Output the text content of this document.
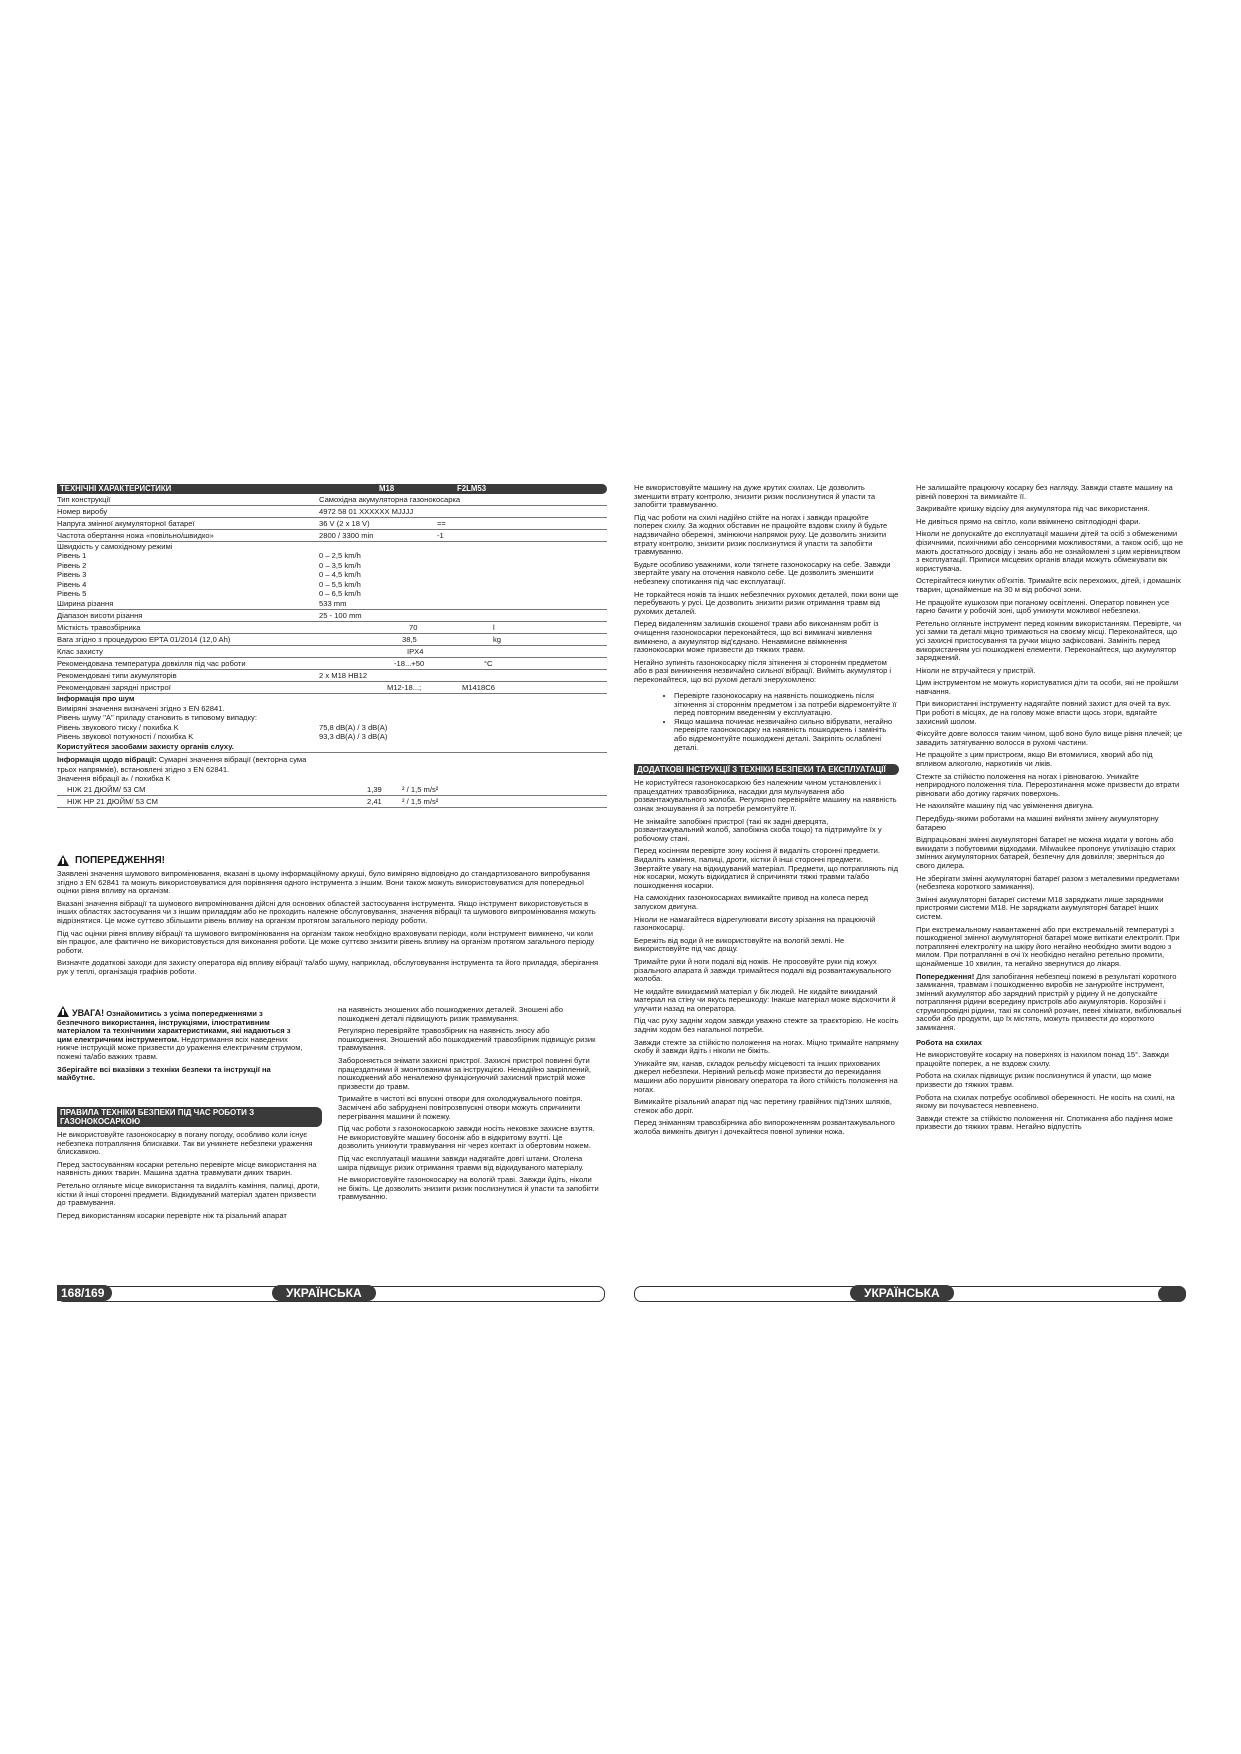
ТЕХНІЧНІ ХАРАКТЕРИСТИКИ	M18	F2LM53
Тип конструкції	Самохідна акумуляторна газонокосарка
Номер виробу	4972 58 01 XXXXXX MJJJJ
Напруга змінної акумуляторної батареї	36 V (2 x 18 V)	==
Частота обертання ножа «повільно/швидко»	2800 / 3300 min	-1
Швидкість у самохідному режимі
Рівень 1	0 – 2,5 km/h
Рівень 2	0 – 3,5 km/h
Рівень 3	0 – 4,5 km/h
Рівень 4	0 – 5,5 km/h
Рівень 5	0 – 6,5 km/h
Ширина різання	533 mm
Діапазон висоти різання	25 - 100 mm
Місткість травозбірника	70	l
Вага згідно з процедурою EPTA 01/2014 (12,0 Ah)	38,5	kg
Клас захисту	IPX4
Рекомендована температура довкілля під час роботи	-18...+50	°C
Рекомендовані типи акумуляторів	2 x M18 HB12
Рекомендовані зарядні пристрої	M12-18...;	M1418C6
Інформація про шум
Виміряні значення визначені згідно з EN 62841.
Рівень шуму "А" приладу становить в типовому випадку:
Рівень звукового тиску / похибка K	75,8 dB(A) / 3 dB(A)
Рівень звукової потужності / похибка K	93,3 dB(A) / 3 dB(A)
Користуйтеся засобами захисту органів слуху.
Інформація щодо вібрації: Сумарні значення вібрації (векторна сума трьох напрямків), встановлені згідно з EN 62841.
Значення вібрації aₕ / похибка K
НІЖ 21 ДЮЙМ/ 53 CM	1,39	² / 1,5 m/s²
НІЖ HP 21 ДЮЙМ/ 53 CM	2,41	² / 1,5 m/s²
ПОПЕРЕДЖЕННЯ!

Заявлені значення шумового випромінювання, вказані в цьому інформаційному аркуші, було виміряно відповідно до стандартизованого випробування згідно з EN 62841 та можуть використовуватися для порівняння одного інструмента з іншим. Вони також можуть використовуватися для попередньої оцінки рівня впливу на організм.

Вказані значення вібрації та шумового випромінювання дійсні для основних областей застосування інструмента. Якщо інструмент використовується в інших областях застосування чи з іншим приладдям або не проходить належне обслуговування, значення вібрації та шумового випромінювання можуть відрізнятися. Це може суттєво збільшити рівень впливу на організм протягом загального періоду роботи.

Під час оцінки рівня впливу вібрації та шумового випромінювання на організм також необхідно враховувати періоди, коли інструмент вимкнено, чи коли він працює, але фактично не використовується для виконання роботи. Це може суттєво знизити рівень впливу на організм протягом загального періоду роботи.

Визначте додаткові заходи для захисту оператора від впливу вібрації та/або шуму, наприклад, обслуговування інструмента та його приладдя, зберігання рук у теплі, організація графіків роботи.

УВАГА! Ознайомитись з усіма попередженнями з безпечного використання, інструкціями, ілюстративним матеріалом та технічними характеристиками, які надаються з цим електричним інструментом. Недотримання всіх наведених нижче інструкцій може призвести до ураження електричним струмом, пожежі та/або важких травм.

Зберігайте всі вказівки з техніки безпеки та інструкції на майбутнє.

ПРАВИЛА ТЕХНІКИ БЕЗПЕКИ ПІД ЧАС РОБОТИ З ГАЗОНОКОСАРКОЮ

Не використовуйте газонокосарку в погану погоду, особливо коли існує небезпека потрапляння блискавки. Так ви уникнете небезпеки ураження блискавкою.

Перед застосуванням косарки ретельно перевірте місце використання на наявність диких тварин. Машина здатна травмувати диких тварин.

Ретельно огляньте місце використання та видаліть каміння, палиці, дроти, кістки й інші сторонні предмети. Відкидуваний матеріал здатен призвести до травмування.

Перед використанням косарки перевірте ніж та різальний апарат

на наявність зношених або пошкоджених деталей. Зношені або пошкоджені деталі підвищують ризик травмування.

Регулярно перевіряйте травозбірник на наявність зносу або пошкодження. Зношений або пошкоджений травозбірник підвищує ризик травмування.

Забороняється знімати захисні пристрої. Захисні пристрої повинні бути працездатними й змонтованими за інструкцією. Ненадійно закріплений, пошкоджений або неналежно функціонуючий захисний пристрій може призвести до травм.

Тримайте в чистоті всі впускні отвори для охолоджувального повітря. Засмічені або забруднені повітрозвпускні отвори можуть спричинити перегрівання машини й пожежу.

Під час роботи з газонокосаркою завжди носіть нековзке захисне взуття. Не використовуйте машину босоніж або в відкритому взутті. Це дозволить уникнути травмування ніг через контакт із обертовим ножем.

Під час експлуатації машини завжди надягайте довгі штани. Оголена шкіра підвищує ризик отримання травми від відкидуваного матеріалу.

Не використовуйте газонокосарку на вологій траві. Завжди йдіть, ніколи не біжіть. Це дозволить знизити ризик послизнутися й упасти та запобігти травмуванню.

Не використовуйте машину на дуже крутих схилах. Це дозволить зменшити втрату контролю, знизити ризик послизнутися й упасти та запобігти травмуванню.

Під час роботи на схилі надійно стійте на ногах і завжди працюйте поперек схилу. За жодних обставин не працюйте вздовж схилу й будьте надзвичайно обережні, змінюючи напрямок руху. Це дозволить знизити втрату контролю, знизити ризик послизнутися й упасти та запобігти травмуванню.

Будьте особливо уважними, коли тягнете газонокосарку на себе. Завжди звертайте увагу на оточення навколо себе. Це дозволить зменшити небезпеку спотикання під час експлуатації.

Не торкайтеся ножів та інших небезпечних рухомих деталей, поки вони ще перебувають у русі. Це дозволить знизити ризик отримання травм від рухомих деталей.

Перед видаленням залишків скошеної трави або виконанням робіт із очищення газонокосарки переконайтеся, що всі вимикачі живлення вимкнено, а акумулятор від'єднано. Ненавмисне ввімкнення газонокосарки може призвести до тяжких травм.

Негайно зупиніть газонокосарку після зіткнення зі стороннім предметом або в разі виникнення незвичайно сильної вібрації. Вийміть акумулятор і переконайтеся, що всі рухомі деталі знерухомлено:

• Перевірте газонокосарку на наявність пошкоджень після зіткнення зі стороннім предметом і за потреби відремонтуйте її перед повторним введенням у експлуатацію.
• Якщо машина починає незвичайно сильно вібрувати, негайно перевірте газонокосарку на наявність пошкоджень і замініть або відремонтуйте пошкоджені деталі. Закріпіть ослаблені деталі.
ДОДАТКОВІ ІНСТРУКЦІЇ З ТЕХНІКИ БЕЗПЕКИ ТА ЕКСПЛУАТАЦІЇ

Не користуйтеся газонокосаркою без належним чином установлених і працездатних травозбірника, насадки для мульчування або розвантажувального жолоба. Регулярно перевіряйте машину на наявність ознак зношування й за потреби ремонтуйте її.

Не знімайте запобіжні пристрої (такі як задні дверцята, розвантажувальний жолоб, запобіжна скоба тощо) та підтримуйте їх у робочому стані.

Перед косінням перевірте зону косіння й видаліть сторонні предмети. Видаліть каміння, палиці, дроти, кістки й інші сторонні предмети. Звертайте увагу на відкидуваний матеріал. Предмети, що потрапляють під ніж косарки, можуть відкидатися й спричиняти тяжкі травми та/або пошкодження косарки.

На самохідних газонокосарках вимикайте привод на колеса перед запуском двигуна.

Ніколи не намагайтеся відрегулювати висоту зрізання на працюючій газонокосарці.

Бережіть від води й не використовуйте на вологій землі. Не використовуйте під час дощу.

Тримайте руки й ноги подалі від ножів. Не просовуйте руки під кожух різального апарата й завжди тримайтеся подалі від розвантажувального жолоба.

Не кидайте викидаємий матеріал у бік людей. Не кидайте викиданий матеріал на стіну чи якусь перешкоду: Інакше матеріал може відскочити й улучити назад на оператора.

Під час руху заднім ходом завжди уважно стежте за траєкторією. Не косіть заднім ходом без нагальної потреби.

Завжди стежте за стійкістю положення на ногах. Міцно тримайте напрямну скобу й завжди йдіть і ніколи не біжіть.

Уникайте ям, канав, складок рельєфу місцевості та інших прихованих джерел небезпеки. Нерівний рельєф може призвести до перекидання машини або порушити рівновагу оператора та його стійкість положення на ногах.

Вимикайте різальний апарат під час перетину гравійних під'їзних шляхів, стежок або доріг.

Перед зніманням травозбірника або випорожненням розвантажувального жолоба вимкніть двигун і дочекайтеся повної зупинки ножа.

Не залишайте працюючу косарку без нагляду. Завжди ставте машину на рівній поверхні та вимикайте її.

Закривайте кришку відсіку для акумулятора під час використання.

Не дивіться прямо на світло, коли ввімкнено світлодіодні фари.

Ніколи не допускайте до експлуатації машини дітей та осіб з обмеженими фізичними, психічними або сенсорними можливостями, а також осіб, що не мають достатнього досвіду і знань або не ознайомлені з цим керівництвом з експлуатації. Приписи місцевих органів влади можуть обмежувати вік користувача.

Остерігайтеся кинутих об'єктів. Тримайте всіх перехожих, дітей, і домашніх тварин, щонайменше на 30 м від робочої зони.

Не працюйте кушкозом при поганому освітленні. Оператор повинен усе гарно бачити у робочій зоні, щоб уникнути можливої небезпеки.

Ретельно огляньте інструмент перед кожним використанням. Перевірте, чи усі замки та деталі міцно тримаються на своєму місці. Переконайтеся, що усі захисні пристосування та ручки міцно зафіксовані. Замініть перед використанням усі пошкоджені елементи. Переконайтеся, що акумулятор заряджений.

Ніколи не втручайтеся у пристрій.

Цим інструментом не можуть користуватися діти та особи, які не пройшли навчання.

При використанні інструменту надягайте повний захист для очей та вух. При роботі в місцях, де на голову може впасти щось згори, вдягайте захисний шолом.

Фіксуйте довге волосся таким чином, щоб воно було вище рівня плечей; це завадить затягуванню волосся в рухомі частини.

Не працюйте з цим пристроєм, якщо Ви втомилися, хворий або під впливом алкоголю, наркотиків чи ліків.

Стежте за стійкістю положення на ногах і рівновагою. Уникайте неприродного положення тіла. Перерозтинання може призвести до втрати рівноваги або дотику гарячих поверхонь.

Не нахиляйте машину під час увімкнення двигуна.

Передбудь-якими роботами на машині вийняти змінну акумуляторну батарею

Відпрацьовані змінні акумуляторні батареї не можна кидати у вогонь або викидати з побутовими відходами. Milwaukee пропонує утилізацію старих змінних акумуляторних батарей, безпечну для довкілля; зверніться до свого дилера.

Не зберігати змінні акумуляторні батареї разом з металевими предметами (небезпека короткого замикання).

Змінні акумуляторні батареї системи M18 заряджати лише зарядними пристроями системи M18. Не заряджати акумуляторні батареї інших систем.

При екстремальному навантаженні або при екстремальній температурі з пошкодженої змінної акумуляторної батареї може витікати електроліт. При потраплянні електроліту на шкіру його негайно необхідно змити водою з милом. При потраплянні в очі їх необхідно негайно ретельно промити, щонайменше 10 хвилин, та негайно звернутися до лікаря.

Попередження! Для запобігання небезпеці пожежі в результаті короткого замикання, травмам і пошкодженню виробів не занурюйте інструмент, змінний акумулятор або зарядний пристрій у рідину й не допускайте потрапляння рідини всередину пристроїв або акумуляторів. Корозійні і струмопровідні рідини, такі як солоний розчин, певні хімікати, вибілювальні засоби або продукти, що їх містять, можуть призвести до короткого замикання.

Робота на схилах

Не використовуйте косарку на поверхнях із нахилом понад 15°. Завжди працюйте поперек, а не вздовж схилу.

Робота на схилах підвищує ризик послизнутися й упасти, що може призвести до тяжких травм.

Робота на схилах потребує особливої обережності. Не косіть на схилі, на якому ви почуваєтеся невпевнено.

Завжди стежте за стійкістю положення ніг. Спотикання або падіння може призвести до тяжких травм. Негайно відпустіть

168/169	УКРАЇНСЬКА	УКРАЇНСЬКА
